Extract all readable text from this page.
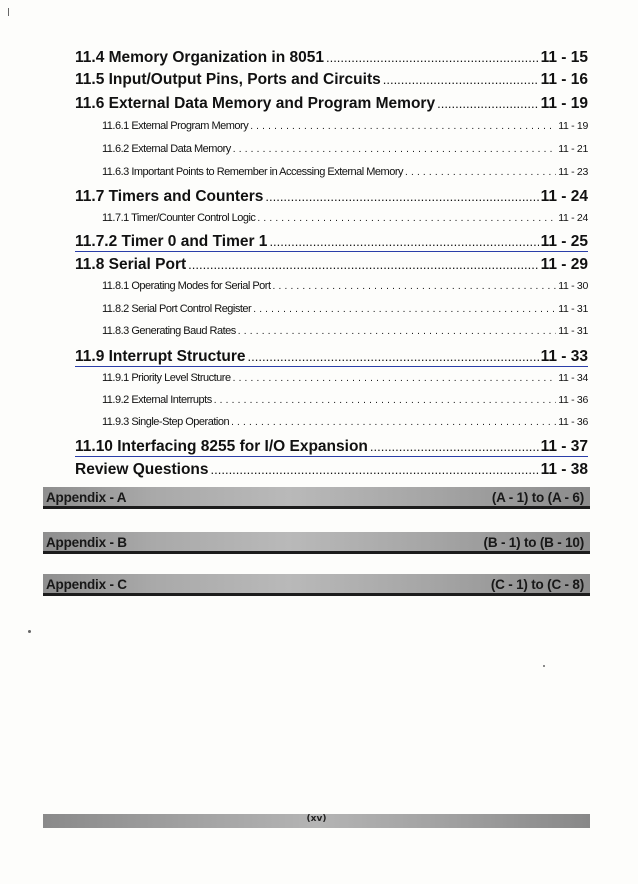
11.4 Memory Organization in 8051 .....	11 - 15
11.5 Input/Output Pins, Ports and Circuits .....	11 - 16
11.6 External Data Memory and Program Memory .....	11 - 19
11.6.1 External Program Memory .....	11 - 19
11.6.2 External Data Memory .....	11 - 21
11.6.3 Important Points to Remember in Accessing External Memory .....	11 - 23
11.7 Timers and Counters .....	11 - 24
11.7.1 Timer/Counter Control Logic .....	11 - 24
11.7.2 Timer 0 and Timer 1 .....	11 - 25
11.8 Serial Port .....	11 - 29
11.8.1 Operating Modes for Serial Port .....	11 - 30
11.8.2 Serial Port Control Register .....	11 - 31
11.8.3 Generating Baud Rates .....	11 - 31
11.9 Interrupt Structure .....	11 - 33
11.9.1 Priority Level Structure .....	11 - 34
11.9.2 External Interrupts .....	11 - 36
11.9.3 Single-Step Operation .....	11 - 36
11.10 Interfacing 8255 for I/O Expansion .....	11 - 37
Review Questions .....	11 - 38
Appendix - A	(A - 1) to (A - 6)
Appendix - B	(B - 1) to (B - 10)
Appendix - C	(C - 1) to (C - 8)
(xv)
